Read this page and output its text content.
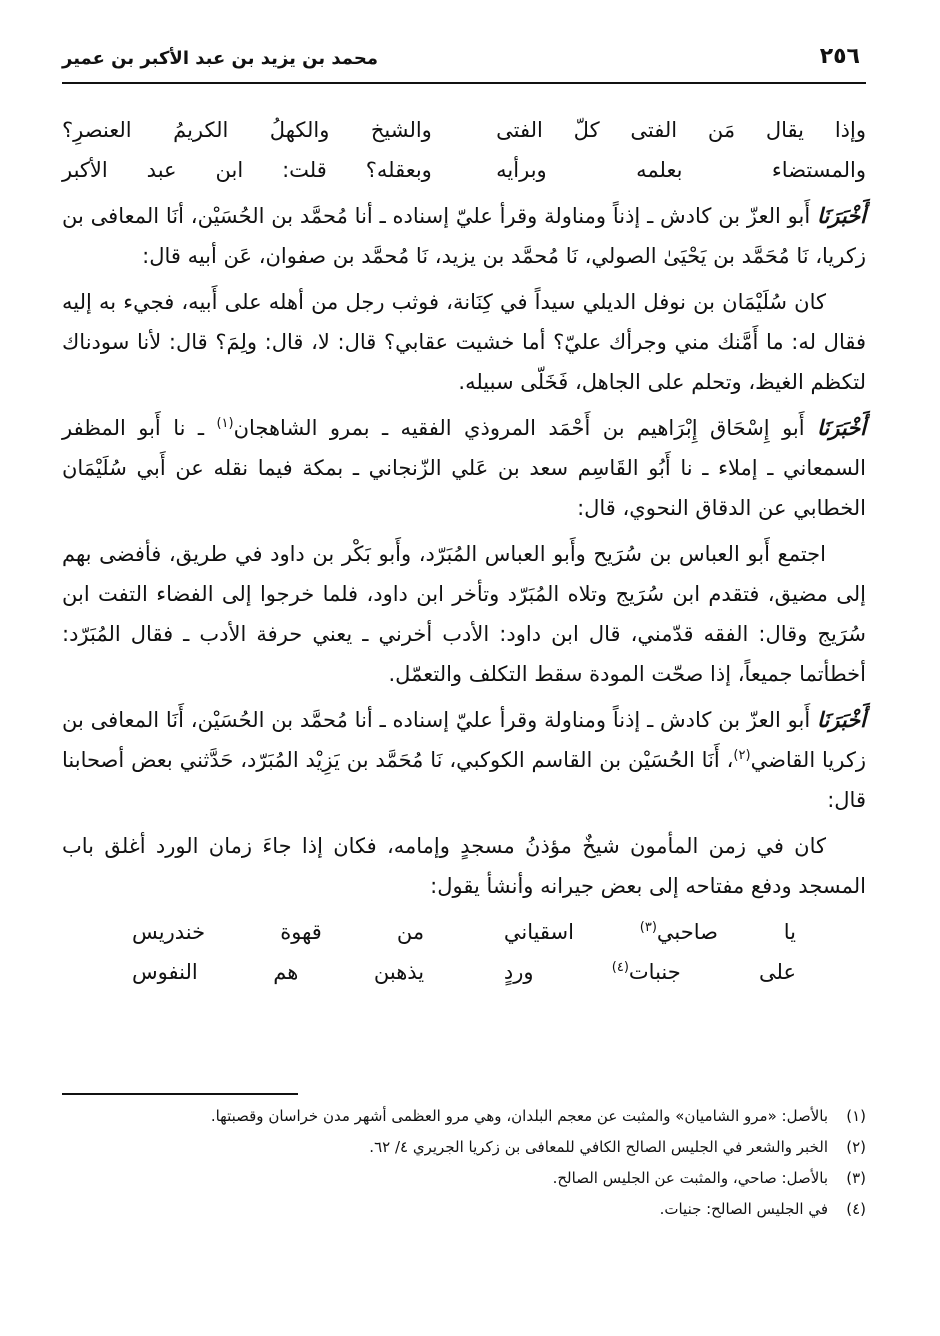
٢٥٦
محمد بن يزيد بن عبد الأكبر بن عمير
وإذا يقال مَن الفتى كلّ الفتى
والشيخ والكهلُ الكريمُ العنصرِ؟
والمستضاء بعلمه وبرأيه
وبعقله؟ قلت: ابن عبد الأكبر

أَخْبَرَنَا أَبو العزّ بن كادش ـ إذناً ومناولة وقرأ عليّ إسناده ـ أنا مُحمَّد بن الحُسَيْن، أنَا المعافى بن زكريا، نَا مُحَمَّد بن يَحْيَىٰ الصولي، نَا مُحمَّد بن يزيد، نَا مُحمَّد بن صفوان، عَن أبيه قال:

كان سُلَيْمَان بن نوفل الديلي سيداً في كِنَانة، فوثب رجل من أهله على أَبيه، فجيء به إليه فقال له: ما أَمَّنك مني وجرأك عليّ؟ أما خشيت عقابي؟ قال: لا، قال: ولِمَ؟ قال: لأنا سودناك لتكظم الغيظ، وتحلم على الجاهل، فَخَلّى سبيله.

أَخْبَرَنَا أَبو إِسْحَاق إِبْرَاهيم بن أَحْمَد المروذي الفقيه ـ بمرو الشاهجان$^{(١)}$ ـ نا أَبو المظفر السمعاني ـ إملاء ـ نا أَبُو القَاسِم سعد بن عَلي الزّنجاني ـ بمكة فيما نقله عن أَبي سُلَيْمَان الخطابي عن الدقاق النحوي، قال:

اجتمع أَبو العباس بن سُرَيح وأَبو العباس المُبَرّد، وأَبو بَكْر بن داود في طريق، فأفضى بهم إلى مضيق، فتقدم ابن سُرَيج وتلاه المُبَرّد وتأخر ابن داود، فلما خرجوا إلى الفضاء التفت ابن سُرَيج وقال: الفقه قدّمني، قال ابن داود: الأدب أخرني ـ يعني حرفة الأدب ـ فقال المُبَرّد: أخطأتما جميعاً، إذا صحّت المودة سقط التكلف والتعمّل.

أَخْبَرَنَا أَبو العزّ بن كادش ـ إذناً ومناولة وقرأ عليّ إسناده ـ أنا مُحمَّد بن الحُسَيْن، أَنَا المعافى بن زكريا القاضي$^{(٢)}$، أَنَا الحُسَيْن بن القاسم الكوكبي، نَا مُحَمَّد بن يَزِيْد المُبَرّد، حَدَّثني بعض أصحابنا قال:

كان في زمن المأمون شيخٌ مؤذنُ مسجدٍ وإمامه، فكان إذا جاءَ زمان الورد أغلق باب المسجد ودفع مفتاحه إلى بعض جيرانه وأنشأ يقول:

يا صاحبي$^{(٣)}$ اسقياني
من قهوة خندريس
على جنبات$^{(٤)}$ وردٍ
يذهبن هم النفوس
(١)
بالأصل: «مرو الشاميان» والمثبت عن معجم البلدان، وهي مرو العظمى أشهر مدن خراسان وقصبتها.
(٢)
الخبر والشعر في الجليس الصالح الكافي للمعافى بن زكريا الجريري ٤/ ٦٢.
(٣)
بالأصل: صاحي، والمثبت عن الجليس الصالح.
(٤)
في الجليس الصالح: جنيات.
